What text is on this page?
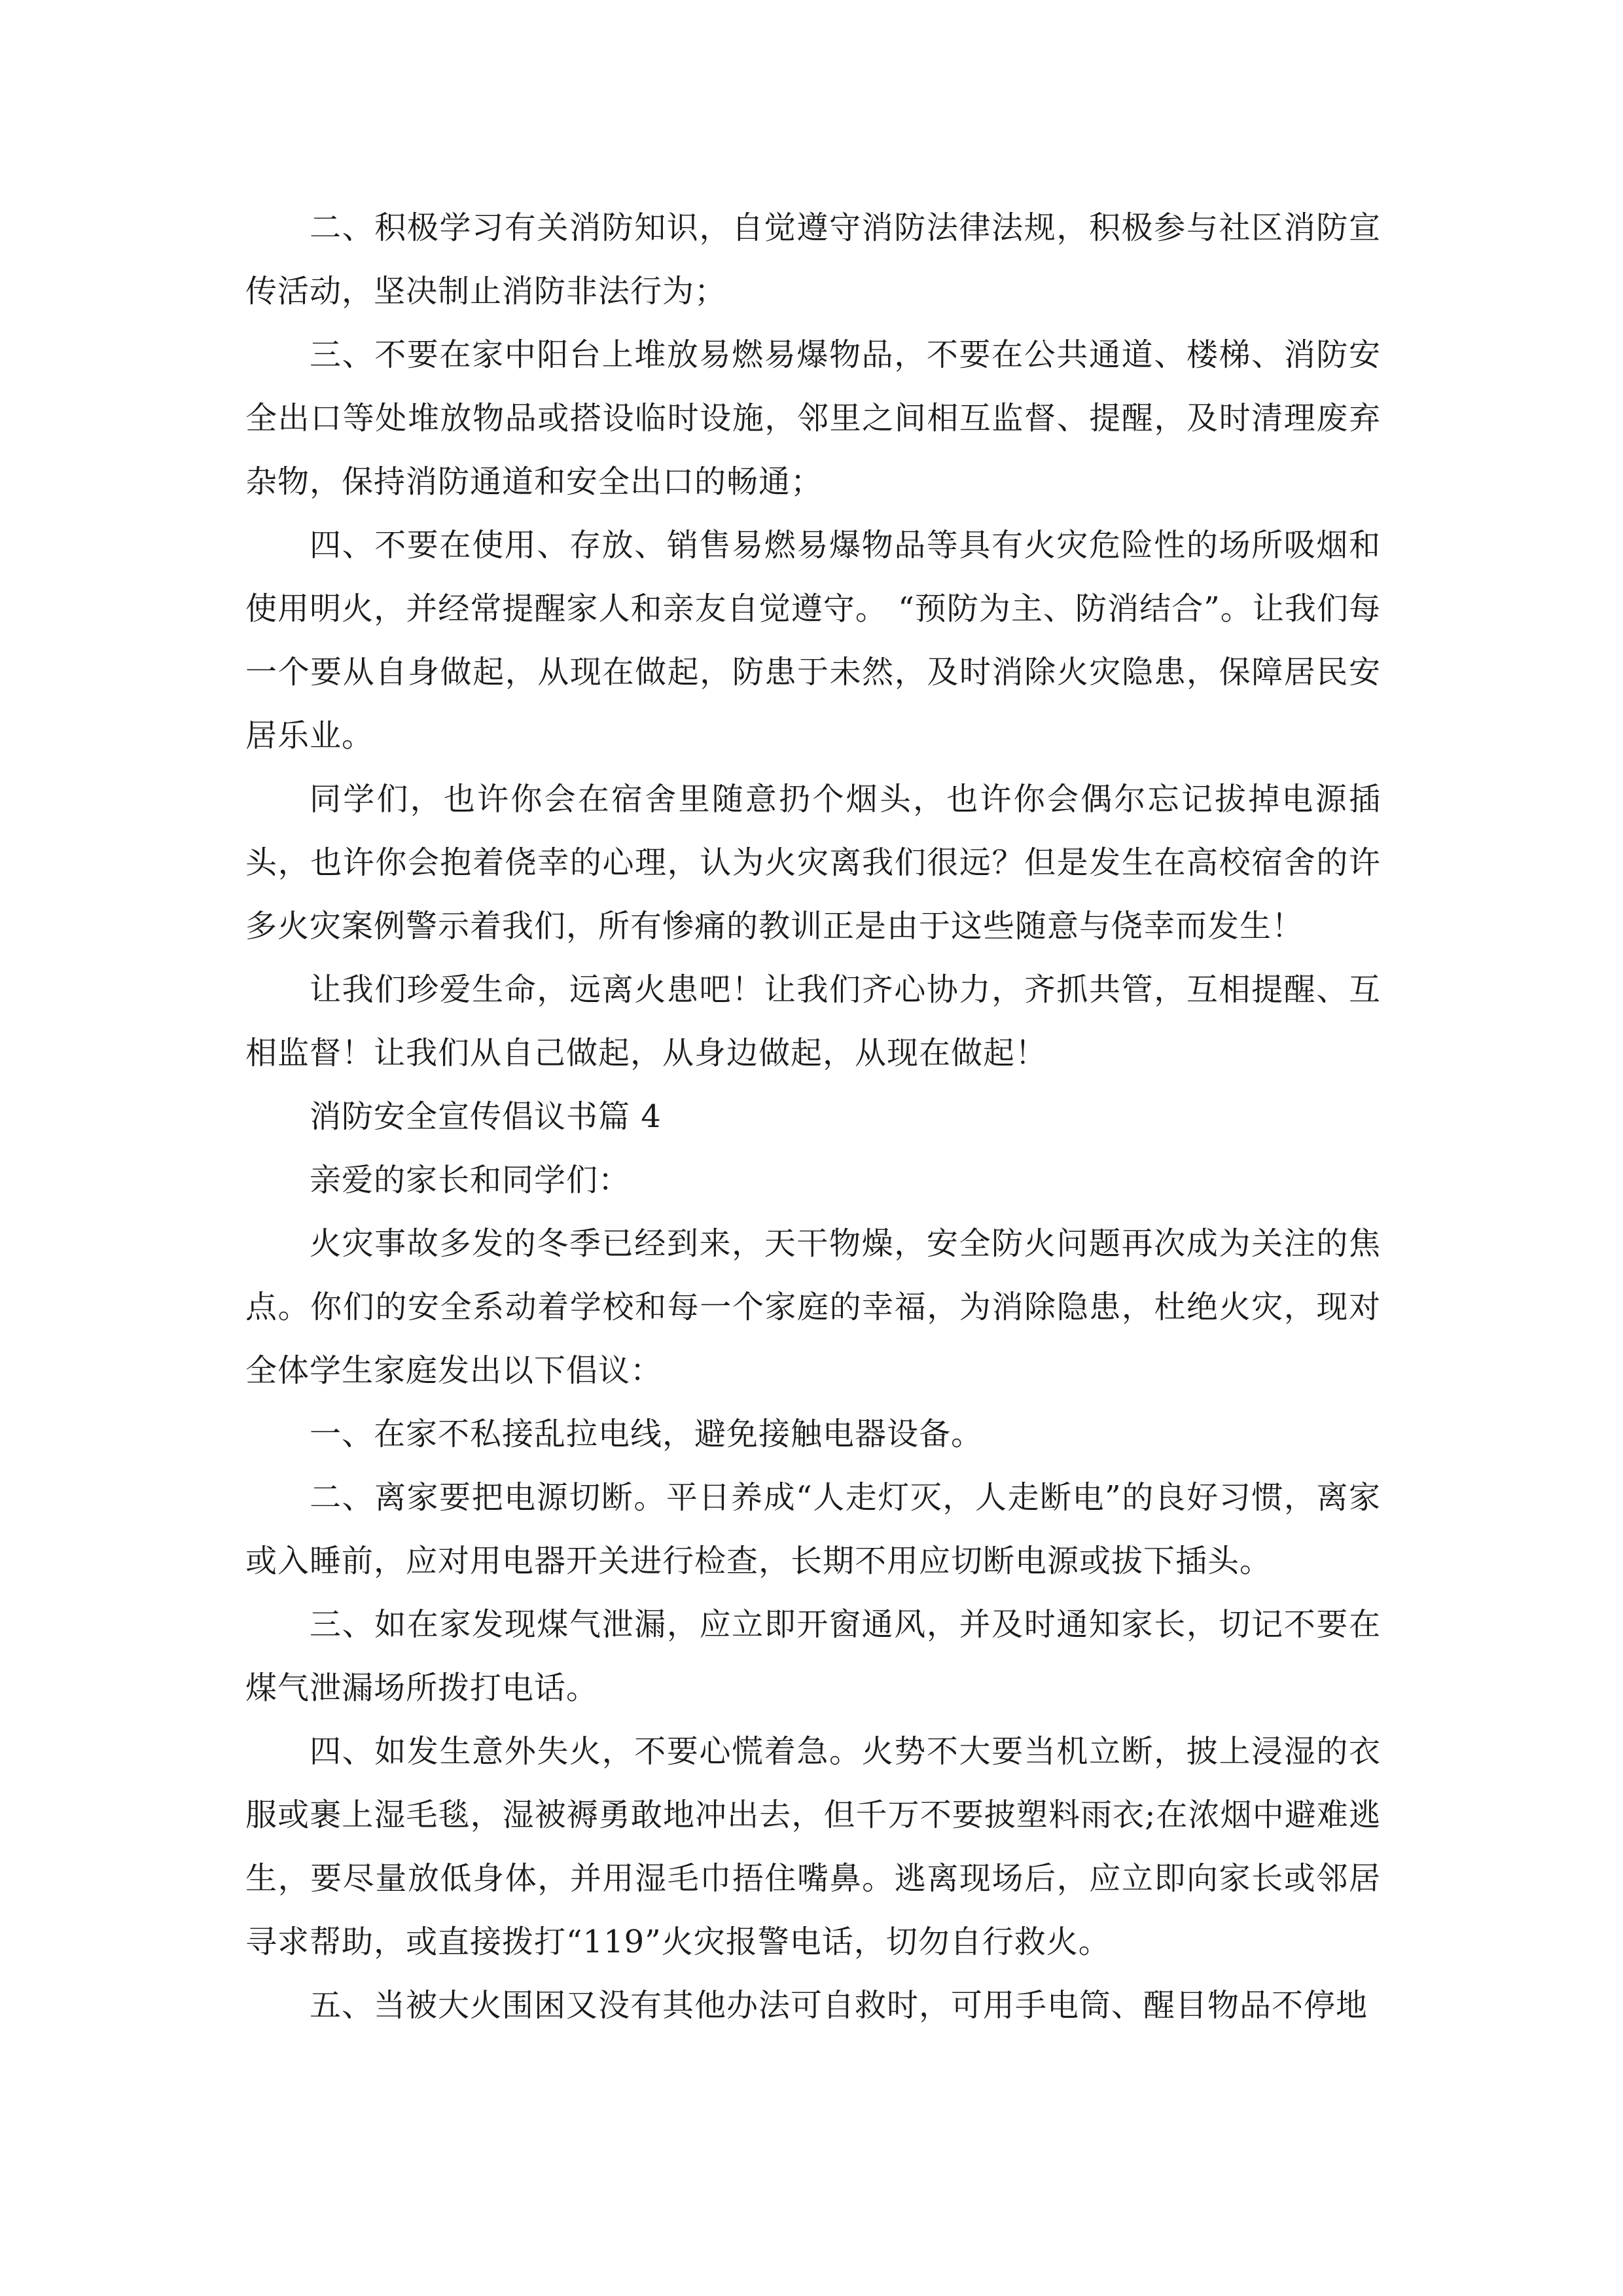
二、积极学习有关消防知识，自觉遵守消防法律法规，积极参与社区消防宣传活动，坚决制止消防非法行为；

三、不要在家中阳台上堆放易燃易爆物品，不要在公共通道、楼梯、消防安全出口等处堆放物品或搭设临时设施，邻里之间相互监督、提醒，及时清理废弃杂物，保持消防通道和安全出口的畅通；

四、不要在使用、存放、销售易燃易爆物品等具有火灾危险性的场所吸烟和使用明火，并经常提醒家人和亲友自觉遵守。 “预防为主、防消结合”。让我们每一个要从自身做起，从现在做起，防患于未然，及时消除火灾隐患，保障居民安居乐业。

同学们，也许你会在宿舍里随意扔个烟头，也许你会偶尔忘记拔掉电源插头，也许你会抱着侥幸的心理，认为火灾离我们很远？但是发生在高校宿舍的许多火灾案例警示着我们，所有惨痛的教训正是由于这些随意与侥幸而发生！

让我们珍爱生命，远离火患吧！让我们齐心协力，齐抓共管，互相提醒、互相监督！让我们从自己做起，从身边做起，从现在做起！

消防安全宣传倡议书篇 4

亲爱的家长和同学们：

火灾事故多发的冬季已经到来，天干物燥，安全防火问题再次成为关注的焦点。你们的安全系动着学校和每一个家庭的幸福，为消除隐患，杜绝火灾，现对全体学生家庭发出以下倡议：

一、在家不私接乱拉电线，避免接触电器设备。

二、离家要把电源切断。平日养成“人走灯灭，人走断电”的良好习惯，离家或入睡前，应对用电器开关进行检查，长期不用应切断电源或拔下插头。

三、如在家发现煤气泄漏，应立即开窗通风，并及时通知家长，切记不要在煤气泄漏场所拨打电话。

四、如发生意外失火，不要心慌着急。火势不大要当机立断，披上浸湿的衣服或裹上湿毛毯，湿被褥勇敢地冲出去，但千万不要披塑料雨衣;在浓烟中避难逃生，要尽量放低身体，并用湿毛巾捂住嘴鼻。逃离现场后，应立即向家长或邻居寻求帮助，或直接拨打“119”火灾报警电话，切勿自行救火。

五、当被大火围困又没有其他办法可自救时，可用手电筒、醒目物品不停地
